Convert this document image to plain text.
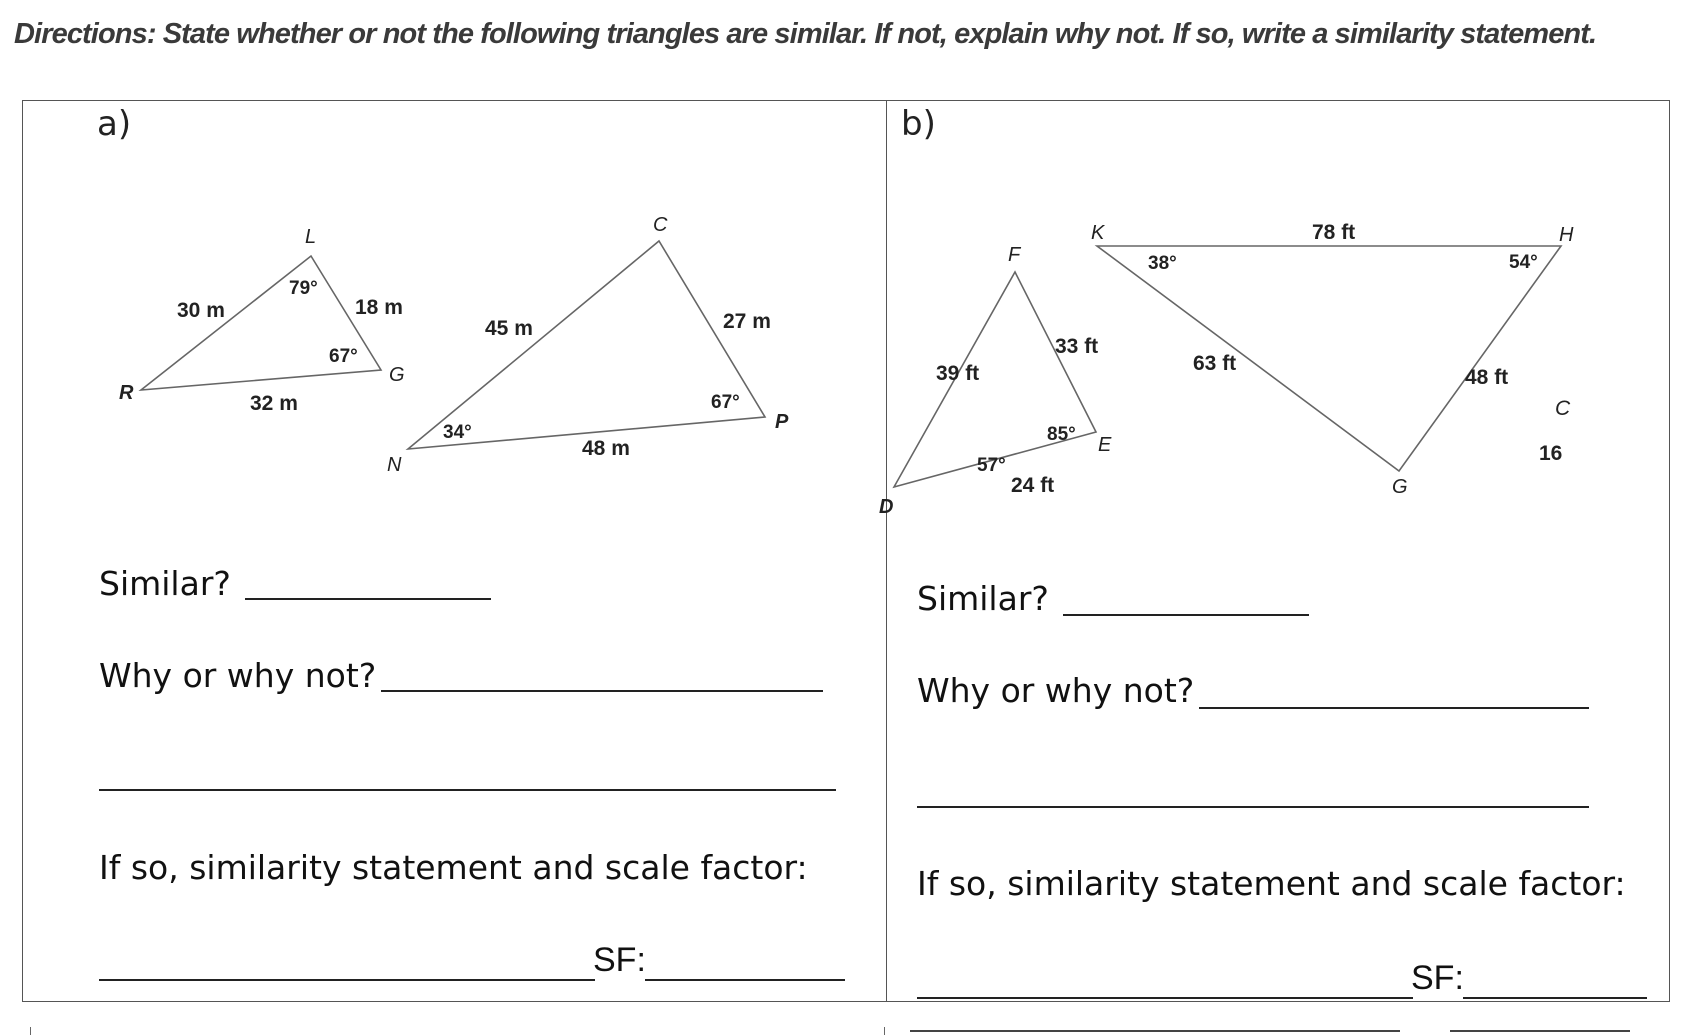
Directions: State whether or not the following triangles are similar. If not, explain why not. If so, write a similarity statement.
a)
R
L
G
30 m	18 m
32 m
79°
67°
N
C
P
45 m	27 m
48 m
34°
67°
Similar?
Why or why not?
If so, similarity statement and scale factor:
SF:
b)
D
F
E
39 ft
33 ft
24 ft
57°
85°
K	H
G
78 ft
63 ft
48 ft
38°	54°
C
16
Similar?
Why or why not?
If so, similarity statement and scale factor:
SF:
